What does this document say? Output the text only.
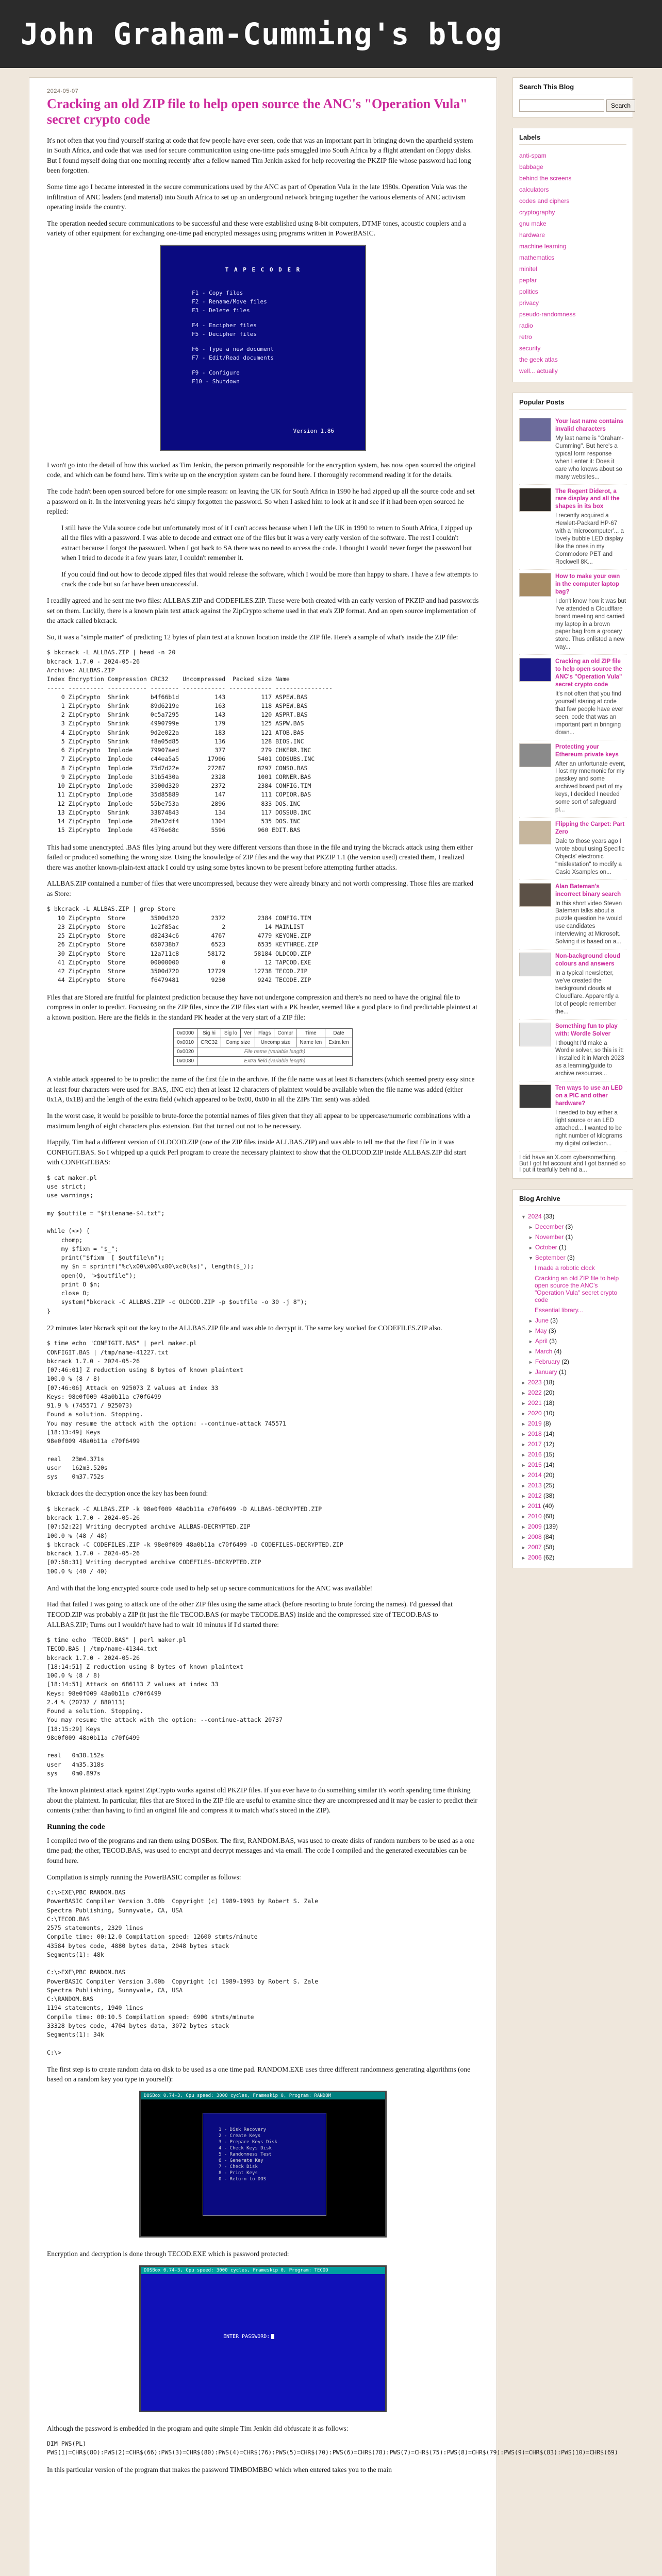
John Graham-Cumming's blog
2024-05-07
Cracking an old ZIP file to help open source the ANC's "Operation Vula" secret crypto code

It's not often that you find yourself staring at code that few people have ever seen, code that was an important part in bringing down the apartheid system in South Africa, and code that was used for secure communication using one-time pads smuggled into South Africa by a flight attendant on floppy disks. But I found myself doing that one morning recently after a fellow named Tim Jenkin asked for help recovering the PKZIP file whose password had long been forgotten.

Some time ago I became interested in the secure communications used by the ANC as part of Operation Vula in the late 1980s. Operation Vula was the infiltration of ANC leaders (and material) into South Africa to set up an underground network bringing together the various elements of ANC activism operating inside the country.

The operation needed secure communications to be successful and these were established using 8-bit computers, DTMF tones, acoustic couplers and a variety of other equipment for exchanging one-time pad encrypted messages using programs written in PowerBASIC.

T A P E C O D E R
F1 - Copy files
F2 - Rename/Move files
F3 - Delete files
F4 - Encipher files
F5 - Decipher files
F6 - Type a new document
F7 - Edit/Read documents
F9 - Configure
F10 - Shutdown
Version 1.86

I won't go into the detail of how this worked as Tim Jenkin, the person primarily responsible for the encryption system, has now open sourced the original code, and which can be found here. Tim's write up on the encryption system can be found here. I thoroughly recommend reading it for the details.

The code hadn't been open sourced before for one simple reason: on leaving the UK for South Africa in 1990 he had zipped up all the source code and set a password on it. In the intervening years he'd simply forgotten the password. So when I asked him to look at it and see if it had been open sourced he replied:

I still have the Vula source code but unfortunately most of it I can't access because when I left the UK in 1990 to return to South Africa, I zipped up all the files with a password. I was able to decode and extract one of the files but it was a very early version of the software. The rest I couldn't extract because I forgot the password. When I got back to SA there was no need to access the code. I thought I would never forget the password but when I tried to decode it a few years later, I couldn't remember it.

If you could find out how to decode zipped files that would release the software, which I would be more than happy to share. I have a few attempts to crack the code but so far have been unsuccessful.

I readily agreed and he sent me two files: ALLBAS.ZIP and CODEFILES.ZIP. These were both created with an early version of PKZIP and had passwords set on them. Luckily, there is a known plain text attack against the ZipCrypto scheme used in that era's ZIP format. And an open source implementation of the attack called bkcrack.

So, it was a "simple matter" of predicting 12 bytes of plain text at a known location inside the ZIP file. Here's a sample of what's inside the ZIP file:

$ bkcrack -L ALLBAS.ZIP | head -n 20
bkcrack 1.7.0 - 2024-05-26
Archive: ALLBAS.ZIP
Index Encryption Compression CRC32    Uncompressed  Packed size Name
----- ---------- ----------- -------- ------------ ------------ ----------------
0 ZipCrypto  Shrink      b4f66b1d          143          117 ASPEW.BAS
1 ZipCrypto  Shrink      89d6219e          163          118 ASPEW.BAS
2 ZipCrypto  Shrink      0c5a7295          143          120 ASPRT.BAS
3 ZipCrypto  Shrink      4990799e          179          125 ASPW.BAS
4 ZipCrypto  Shrink      9d2e022a          183          121 ATOB.BAS
5 ZipCrypto  Shrink      f8a05d85          136          128 BIOS.INC
6 ZipCrypto  Implode     79907aed          377          279 CHKERR.INC
7 ZipCrypto  Implode     c44ea5a5        17906         5401 CODSUBS.INC
8 ZipCrypto  Implode     75d7d22e        27287         8297 CONSO.BAS
9 ZipCrypto  Implode     31b5430a         2328         1001 CORNER.BAS
10 ZipCrypto  Implode     3500d320         2372         2384 CONFIG.TIM
11 ZipCrypto  Implode     35d85889          147          111 COPIOR.BAS
12 ZipCrypto  Implode     55be753a         2896          833 DOS.INC
13 ZipCrypto  Shrink      33874843          134          117 DOSSUB.INC
14 ZipCrypto  Implode     28e32df4         1304          535 DOS.INC
15 ZipCrypto  Implode     4576e68c         5596         960 EDIT.BAS

This had some unencrypted .BAS files lying around but they were different versions than those in the file and trying the bkcrack attack using them either failed or produced something the wrong size. Using the knowledge of ZIP files and the way that PKZIP 1.1 (the version used) created them, I realized there was another known-plain-text attack I could try using some bytes known to be present before attempting further attacks.

ALLBAS.ZIP contained a number of files that were uncompressed, because they were already binary and not worth compressing. Those files are marked as Store:

$ bkcrack -L ALLBAS.ZIP | grep Store
10 ZipCrypto  Store       3500d320         2372         2384 CONFIG.TIM
23 ZipCrypto  Store       1e2f85ac            2           14 MAINLIST
25 ZipCrypto  Store       d82434c6         4767         4779 KEYONE.ZIP
26 ZipCrypto  Store       650738b7         6523         6535 KEYTHREE.ZIP
30 ZipCrypto  Store       12a711c8        58172        58184 OLDCOD.ZIP
41 ZipCrypto  Store       00000000            0           12 TAPCOD.EXE
42 ZipCrypto  Store       3500d720        12729        12738 TECOD.ZIP
44 ZipCrypto  Store       f6479481         9230         9242 TECODE.ZIP

Files that are Stored are fruitful for plaintext prediction because they have not undergone compression and there's no need to have the original file to compress in order to predict. Focussing on the ZIP files, since the ZIP files start with a PK header, seemed like a good place to find predictable plaintext at a known position. Here are the fields in the standard PK header at the very start of a ZIP file:

0x0000	Sig hi	Sig lo	Ver	Flags	Compr	Time	Date
0x0010	CRC32	Comp size		Uncomp size		Name len	Extra len
0x0020	File name (variable length)						
0x0030	Extra field (variable length)						

A viable attack appeared to be to predict the name of the first file in the archive. If the file name was at least 8 characters (which seemed pretty easy since at least four characters were used for .BAS, .INC etc) then at least 12 characters of plaintext would be available when the file name was added (either 0x1A, 0x1B) and the length of the extra field (which appeared to be 0x00, 0x00 in all the ZIPs Tim sent) was added.

In the worst case, it would be possible to brute-force the potential names of files given that they all appear to be uppercase/numeric combinations with a maximum length of eight characters plus extension. But that turned out not to be necessary.

Happily, Tim had a different version of OLDCOD.ZIP (one of the ZIP files inside ALLBAS.ZIP) and was able to tell me that the first file in it was CONFIGIT.BAS. So I whipped up a quick Perl program to create the necessary plaintext to show that the OLDCOD.ZIP inside ALLBAS.ZIP did start with CONFIGIT.BAS:

$ cat maker.pl
use strict;
use warnings;

my $outfile = "$filename-$4.txt";

while (<>) {
chomp;
my $fixm = "$_";
print("$fixm  [ $outfile\n");
my $n = sprintf("%c\x00\x00\x00\xc0(%s)", length($_));
open(O, ">$outfile");
print O $n;
close O;
system("bkcrack -C ALLBAS.ZIP -c OLDCOD.ZIP -p $outfile -o 30 -j 8");
}

22 minutes later bkcrack spit out the key to the ALLBAS.ZIP file and was able to decrypt it. The same key worked for CODEFILES.ZIP also.

$ time echo "CONFIGIT.BAS" | perl maker.pl
CONFIGIT.BAS | /tmp/name-41227.txt
bkcrack 1.7.0 - 2024-05-26
[07:46:01] Z reduction using 8 bytes of known plaintext
100.0 % (8 / 8)
[07:46:06] Attack on 925073 Z values at index 33
Keys: 98e0f009 48a0b11a c70f6499
91.9 % (745571 / 925073)
Found a solution. Stopping.
You may resume the attack with the option: --continue-attack 745571
[18:13:49] Keys
98e0f009 48a0b11a c70f6499

real   23m4.371s
user   162m3.520s
sys    0m37.752s

bkcrack does the decryption once the key has been found:

$ bkcrack -C ALLBAS.ZIP -k 98e0f009 48a0b11a c70f6499 -D ALLBAS-DECRYPTED.ZIP
bkcrack 1.7.0 - 2024-05-26
[07:52:22] Writing decrypted archive ALLBAS-DECRYPTED.ZIP
100.0 % (48 / 48)
$ bkcrack -C CODEFILES.ZIP -k 98e0f009 48a0b11a c70f6499 -D CODEFILES-DECRYPTED.ZIP
bkcrack 1.7.0 - 2024-05-26
[07:58:31] Writing decrypted archive CODEFILES-DECRYPTED.ZIP
100.0 % (40 / 40)

And with that the long encrypted source code used to help set up secure communications for the ANC was available!

Had that failed I was going to attack one of the other ZIP files using the same attack (before resorting to brute forcing the names). I'd guessed that TECOD.ZIP was probably a ZIP (it just the file TECOD.BAS (or maybe TECODE.BAS) inside and the compressed size of TECOD.BAS to ALLBAS.ZIP; Turns out I wouldn't have had to wait 10 minutes if I'd started there:

$ time echo "TECOD.BAS" | perl maker.pl
TECOD.BAS | /tmp/name-41344.txt
bkcrack 1.7.0 - 2024-05-26
[18:14:51] Z reduction using 8 bytes of known plaintext
100.0 % (8 / 8)
[18:14:51] Attack on 686113 Z values at index 33
Keys: 98e0f009 48a0b11a c70f6499
2.4 % (20737 / 880113)
Found a solution. Stopping.
You may resume the attack with the option: --continue-attack 20737
[18:15:29] Keys
98e0f009 48a0b11a c70f6499

real   0m38.152s
user   4m35.318s
sys    0m0.897s

The known plaintext attack against ZipCrypto works against old PKZIP files. If you ever have to do something similar it's worth spending time thinking about the plaintext. In particular, files that are Stored in the ZIP file are useful to examine since they are uncompressed and it may be easier to predict their contents (rather than having to find an original file and compress it to match what's stored in the ZIP).

Running the code

I compiled two of the programs and ran them using DOSBox. The first, RANDOM.BAS, was used to create disks of random numbers to be used as a one time pad; the other, TECOD.BAS, was used to encrypt and decrypt messages and via email. The code I compiled and the generated executables can be found here.

Compilation is simply running the PowerBASIC compiler as follows:

C:\>EXE\PBC RANDOM.BAS
PowerBASIC Compiler Version 3.00b  Copyright (c) 1989-1993 by Robert S. Zale
Spectra Publishing, Sunnyvale, CA, USA
C:\TECOD.BAS
2575 statements, 2329 lines
Compile time: 00:12.0 Compilation speed: 12600 stmts/minute
43584 bytes code, 4880 bytes data, 2048 bytes stack
Segments(1): 48k

C:\>EXE\PBC RANDOM.BAS
PowerBASIC Compiler Version 3.00b  Copyright (c) 1989-1993 by Robert S. Zale
Spectra Publishing, Sunnyvale, CA, USA
C:\RANDOM.BAS
1194 statements, 1940 lines
Compile time: 00:10.5 Compilation speed: 6900 stmts/minute
33328 bytes code, 4704 bytes data, 3072 bytes stack
Segments(1): 34k

C:\>

The first step is to create random data on disk to be used as a one time pad. RANDOM.EXE uses three different randomness generating algorithms (one based on a random key you type in yourself):

DOSBox 0.74-3, Cpu speed: 3000 cycles, Frameskip 0, Program: RANDOM
1 - Disk Recovery
2 - Create Keys
3 - Prepare Keys Disk
4 - Check Keys Disk
5 - Randomness Test
6 - Generate Key
7 - Check Disk
8 - Print Keys
0 - Return to DOS

Encryption and decryption is done through TECOD.EXE which is password protected:

DOSBox 0.74-3, Cpu speed: 3000 cycles, Frameskip 0, Program: TECOD
ENTER PASSWORD:

Although the password is embedded in the program and quite simple Tim Jenkin did obfuscate it as follows:

DIM PWS(PL)
PWS(1)=CHR$(80):PWS(2)=CHR$(66):PWS(3)=CHR$(80):PWS(4)=CHR$(76):PWS(5)=CHR$(70):PWS(6)=CHR$(78):PWS(7)=CHR$(75):PWS(8)=CHR$(79):PWS(9)=CHR$(83):PWS(10)=CHR$(69)

In this particular version of the program that makes the password TIMBOMBBO which when entered takes you to the main

Search This Blog
Search
Labels
anti-spam
babbage
behind the screens
calculators
codes and ciphers
cryptography
gnu make
hardware
machine learning
mathematics
minitel
pepfar
politics
privacy
pseudo-randomness
radio
retro
security
the geek atlas
well... actually
Popular Posts
Your last name contains invalid characters
My last name is "Graham-Cumming". But here's a typical form response when I enter it: Does it care who knows about so many websites...
The Regent Diderot, a rare display and all the shapes in its box
I recently acquired a Hewlett-Packard HP-67 with a 'microcomputer'... a lovely bubble LED display like the ones in my Commodore PET and Rockwell 8K...
How to make your own in the computer laptop bag?
I don't know how it was but I've attended a Cloudflare board meeting and carried my laptop in a brown paper bag from a grocery store. Thus enlisted a new way...
Cracking an old ZIP file to help open source the ANC's "Operation Vula" secret crypto code
It's not often that you find yourself staring at code that few people have ever seen, code that was an important part in bringing down...
Protecting your Ethereum private keys
After an unfortunate event, I lost my mnemonic for my passkey and some archived board part of my keys, I decided I needed some sort of safeguard pl...
Flipping the Carpet: Part Zero
Dale to those years ago I wrote about using Specific Objects' electronic "misfestation" to modify a Casio Xsamples on...
Alan Bateman's incorrect binary search
In this short video Steven Bateman talks about a puzzle question he would use candidates interviewing at Microsoft. Solving it is based on a...
Non-background cloud colours and answers
In a typical newsletter, we've created the background clouds at Cloudflare. Apparently a lot of people remember the...
Something fun to play with: Wordle Solver
I thought I'd make a Wordle solver, so this is it: I installed it in March 2023 as a learning/guide to archive resources...
Ten ways to use an LED on a PIC and other hardware?
I needed to buy either a light source or an LED attached... I wanted to be right number of kilograms my digital collection...
I did have an X.com cybersomething. But I got hit account and I got banned so I put it tearfully behind a...
Blog Archive
▼ 2024 (33)
► December (3)
► November (1)
► October (1)
▼ September (3)
I made a robotic clock
Cracking an old ZIP file to help open source the ANC's "Operation Vula" secret crypto code
Essential library...
► June (3)
► May (3)
► April (3)
► March (4)
► February (2)
► January (1)
► 2023 (18)
► 2022 (20)
► 2021 (18)
► 2020 (10)
► 2019 (8)
► 2018 (14)
► 2017 (12)
► 2016 (15)
► 2015 (14)
► 2014 (20)
► 2013 (25)
► 2012 (38)
► 2011 (40)
► 2010 (68)
► 2009 (139)
► 2008 (84)
► 2007 (58)
► 2006 (62)
